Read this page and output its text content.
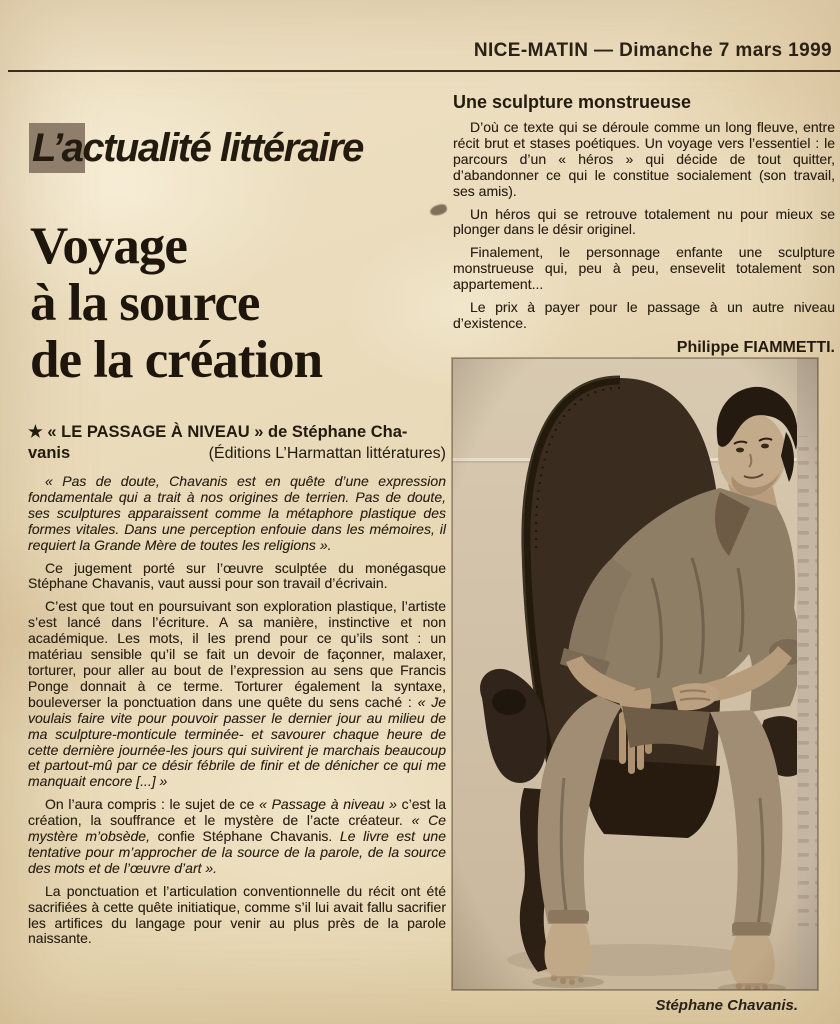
NICE-MATIN — Dimanche 7 mars 1999
L’actualité littéraire
Voyage
à la source
de la création
★ « LE PASSAGE À NIVEAU » de Stéphane Cha-
vanis	(Éditions L’Harmattan littératures)

« Pas de doute, Chavanis est en quête d’une expression fondamentale qui a trait à nos origines de terrien. Pas de doute, ses sculptures apparaissent comme la métaphore plastique des formes vitales. Dans une perception enfouie dans les mémoires, il requiert la Grande Mère de toutes les religions ».

Ce jugement porté sur l’œuvre sculptée du monégasque Stéphane Chavanis, vaut aussi pour son travail d’écrivain.

C’est que tout en poursuivant son exploration plastique, l’artiste s’est lancé dans l’écriture. A sa manière, instinctive et non académique. Les mots, il les prend pour ce qu’ils sont : un matériau sensible qu’il se fait un devoir de façonner, malaxer, torturer, pour aller au bout de l’expression au sens que Francis Ponge donnait à ce terme. Torturer également la syntaxe, bouleverser la ponctuation dans une quête du sens caché : « Je voulais faire vite pour pouvoir passer le dernier jour au milieu de ma sculpture-monticule terminée- et savourer chaque heure de cette dernière journée-les jours qui suivirent je marchais beaucoup et partout-mû par ce désir fébrile de finir et de dénicher ce qui me manquait encore [...] »

On l’aura compris : le sujet de ce « Passage à niveau » c’est la création, la souffrance et le mystère de l’acte créateur. « Ce mystère m’obsède, confie Stéphane Chavanis. Le livre est une tentative pour m’approcher de la source de la parole, de la source des mots et de l’œuvre d’art ».

La ponctuation et l’articulation conventionnelle du récit ont été sacrifiées à cette quête initiatique, comme s’il lui avait fallu sacrifier les artifices du langage pour venir au plus près de la parole naissante.

Une sculpture monstrueuse

D’où ce texte qui se déroule comme un long fleuve, entre récit brut et stases poétiques. Un voyage vers l’essentiel : le parcours d’un « héros » qui décide de tout quitter, d’abandonner ce qui le constitue socialement (son travail, ses amis).

Un héros qui se retrouve totalement nu pour mieux se plonger dans le désir originel.

Finalement, le personnage enfante une sculpture monstrueuse qui, peu à peu, ensevelit totalement son appartement...

Le prix à payer pour le passage à un autre niveau d’existence.

Philippe FIAMMETTI.
Stéphane Chavanis.
